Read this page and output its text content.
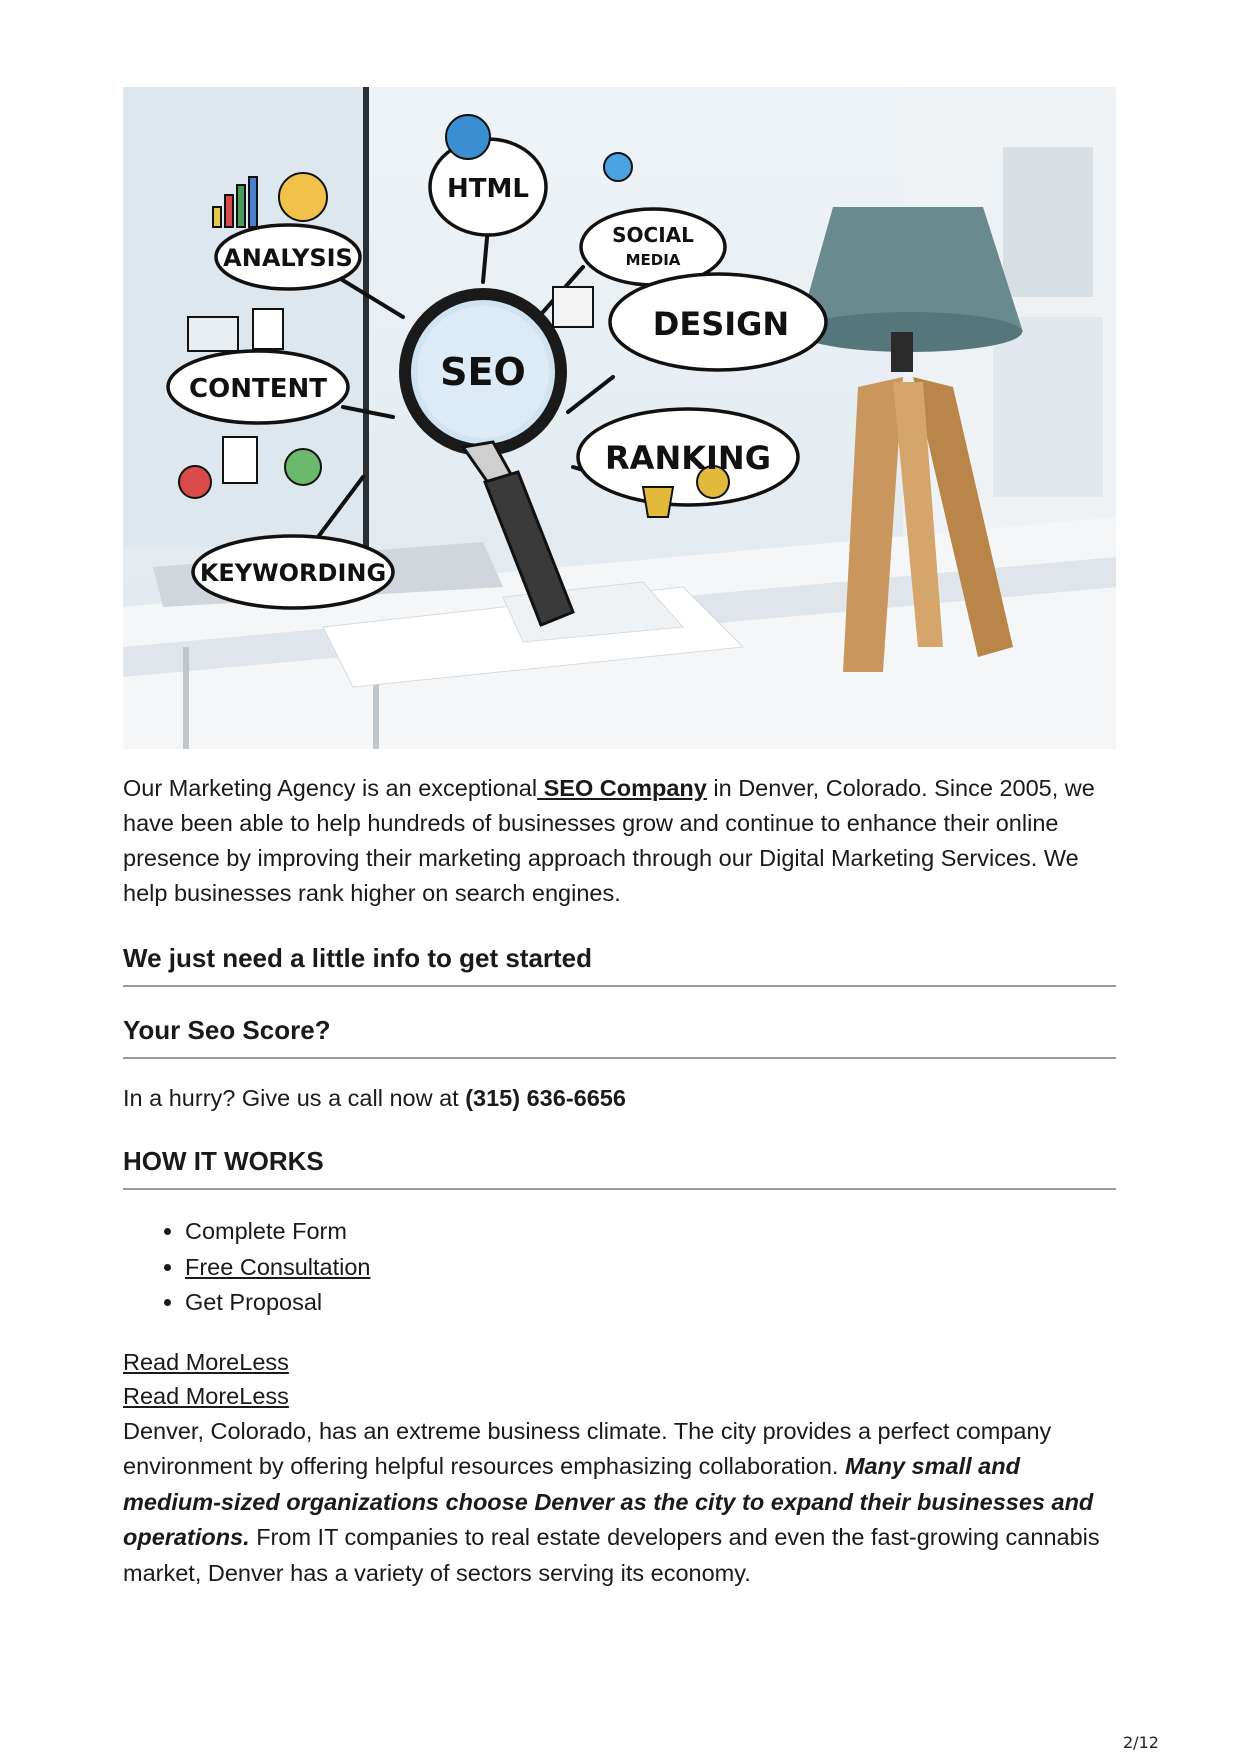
ANALYSIS
HTML
SOCIAL
MEDIA
SEO
DESIGN
CONTENT
RANKING
KEYWORDING

Our Marketing Agency is an exceptional SEO Company in Denver, Colorado. Since 2005, we have been able to help hundreds of businesses grow and continue to enhance their online presence by improving their marketing approach through our Digital Marketing Services. We help businesses rank higher on search engines.

We just need a little info to get started
Your Seo Score?

In a hurry? Give us a call now at (315) 636-6656

HOW IT WORKS
• Complete Form
• Free Consultation
• Get Proposal
Read MoreLess
Read MoreLess

Denver, Colorado, has an extreme business climate. The city provides a perfect company environment by offering helpful resources emphasizing collaboration. Many small and medium-sized organizations choose Denver as the city to expand their businesses and operations. From IT companies to real estate developers and even the fast-growing cannabis market, Denver has a variety of sectors serving its economy.

2/12
